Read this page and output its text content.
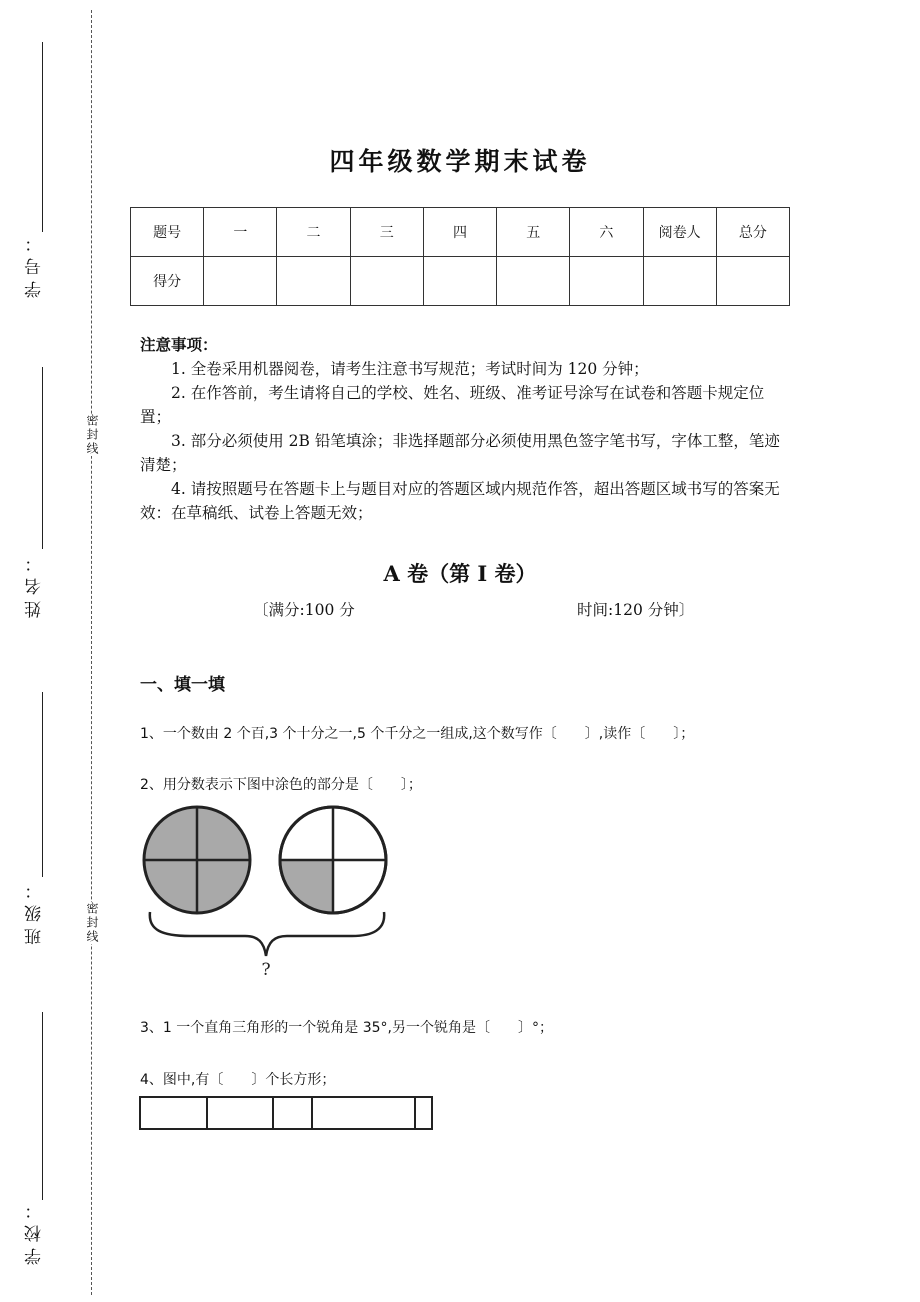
学号：
姓名：
班级：
学校：
密封线
密封线
四年级数学期末试卷
题号	一	二	三	四	五	六	阅卷人	总分
得分								
注意事项：

1. 全卷采用机器阅卷，请考生注意书写规范；考试时间为 120 分钟；

2. 在作答前，考生请将自己的学校、姓名、班级、准考证号涂写在试卷和答题卡规定位置；

3. 部分必须使用 2B 铅笔填涂；非选择题部分必须使用黑色签字笔书写，字体工整，笔迹清楚；

4. 请按照题号在答题卡上与题目对应的答题区域内规范作答，超出答题区域书写的答案无效：在草稿纸、试卷上答题无效；

A 卷（第 I 卷）
〔满分:100 分	时间:120 分钟〕
一、填一填
1、一个数由 2 个百,3 个十分之一,5 个千分之一组成,这个数写作〔　　〕,读作〔　　〕；
2、用分数表示下图中涂色的部分是〔　　〕；
?
3、1 一个直角三角形的一个锐角是 35°,另一个锐角是〔　　〕°；
4、图中,有〔　　〕个长方形；
